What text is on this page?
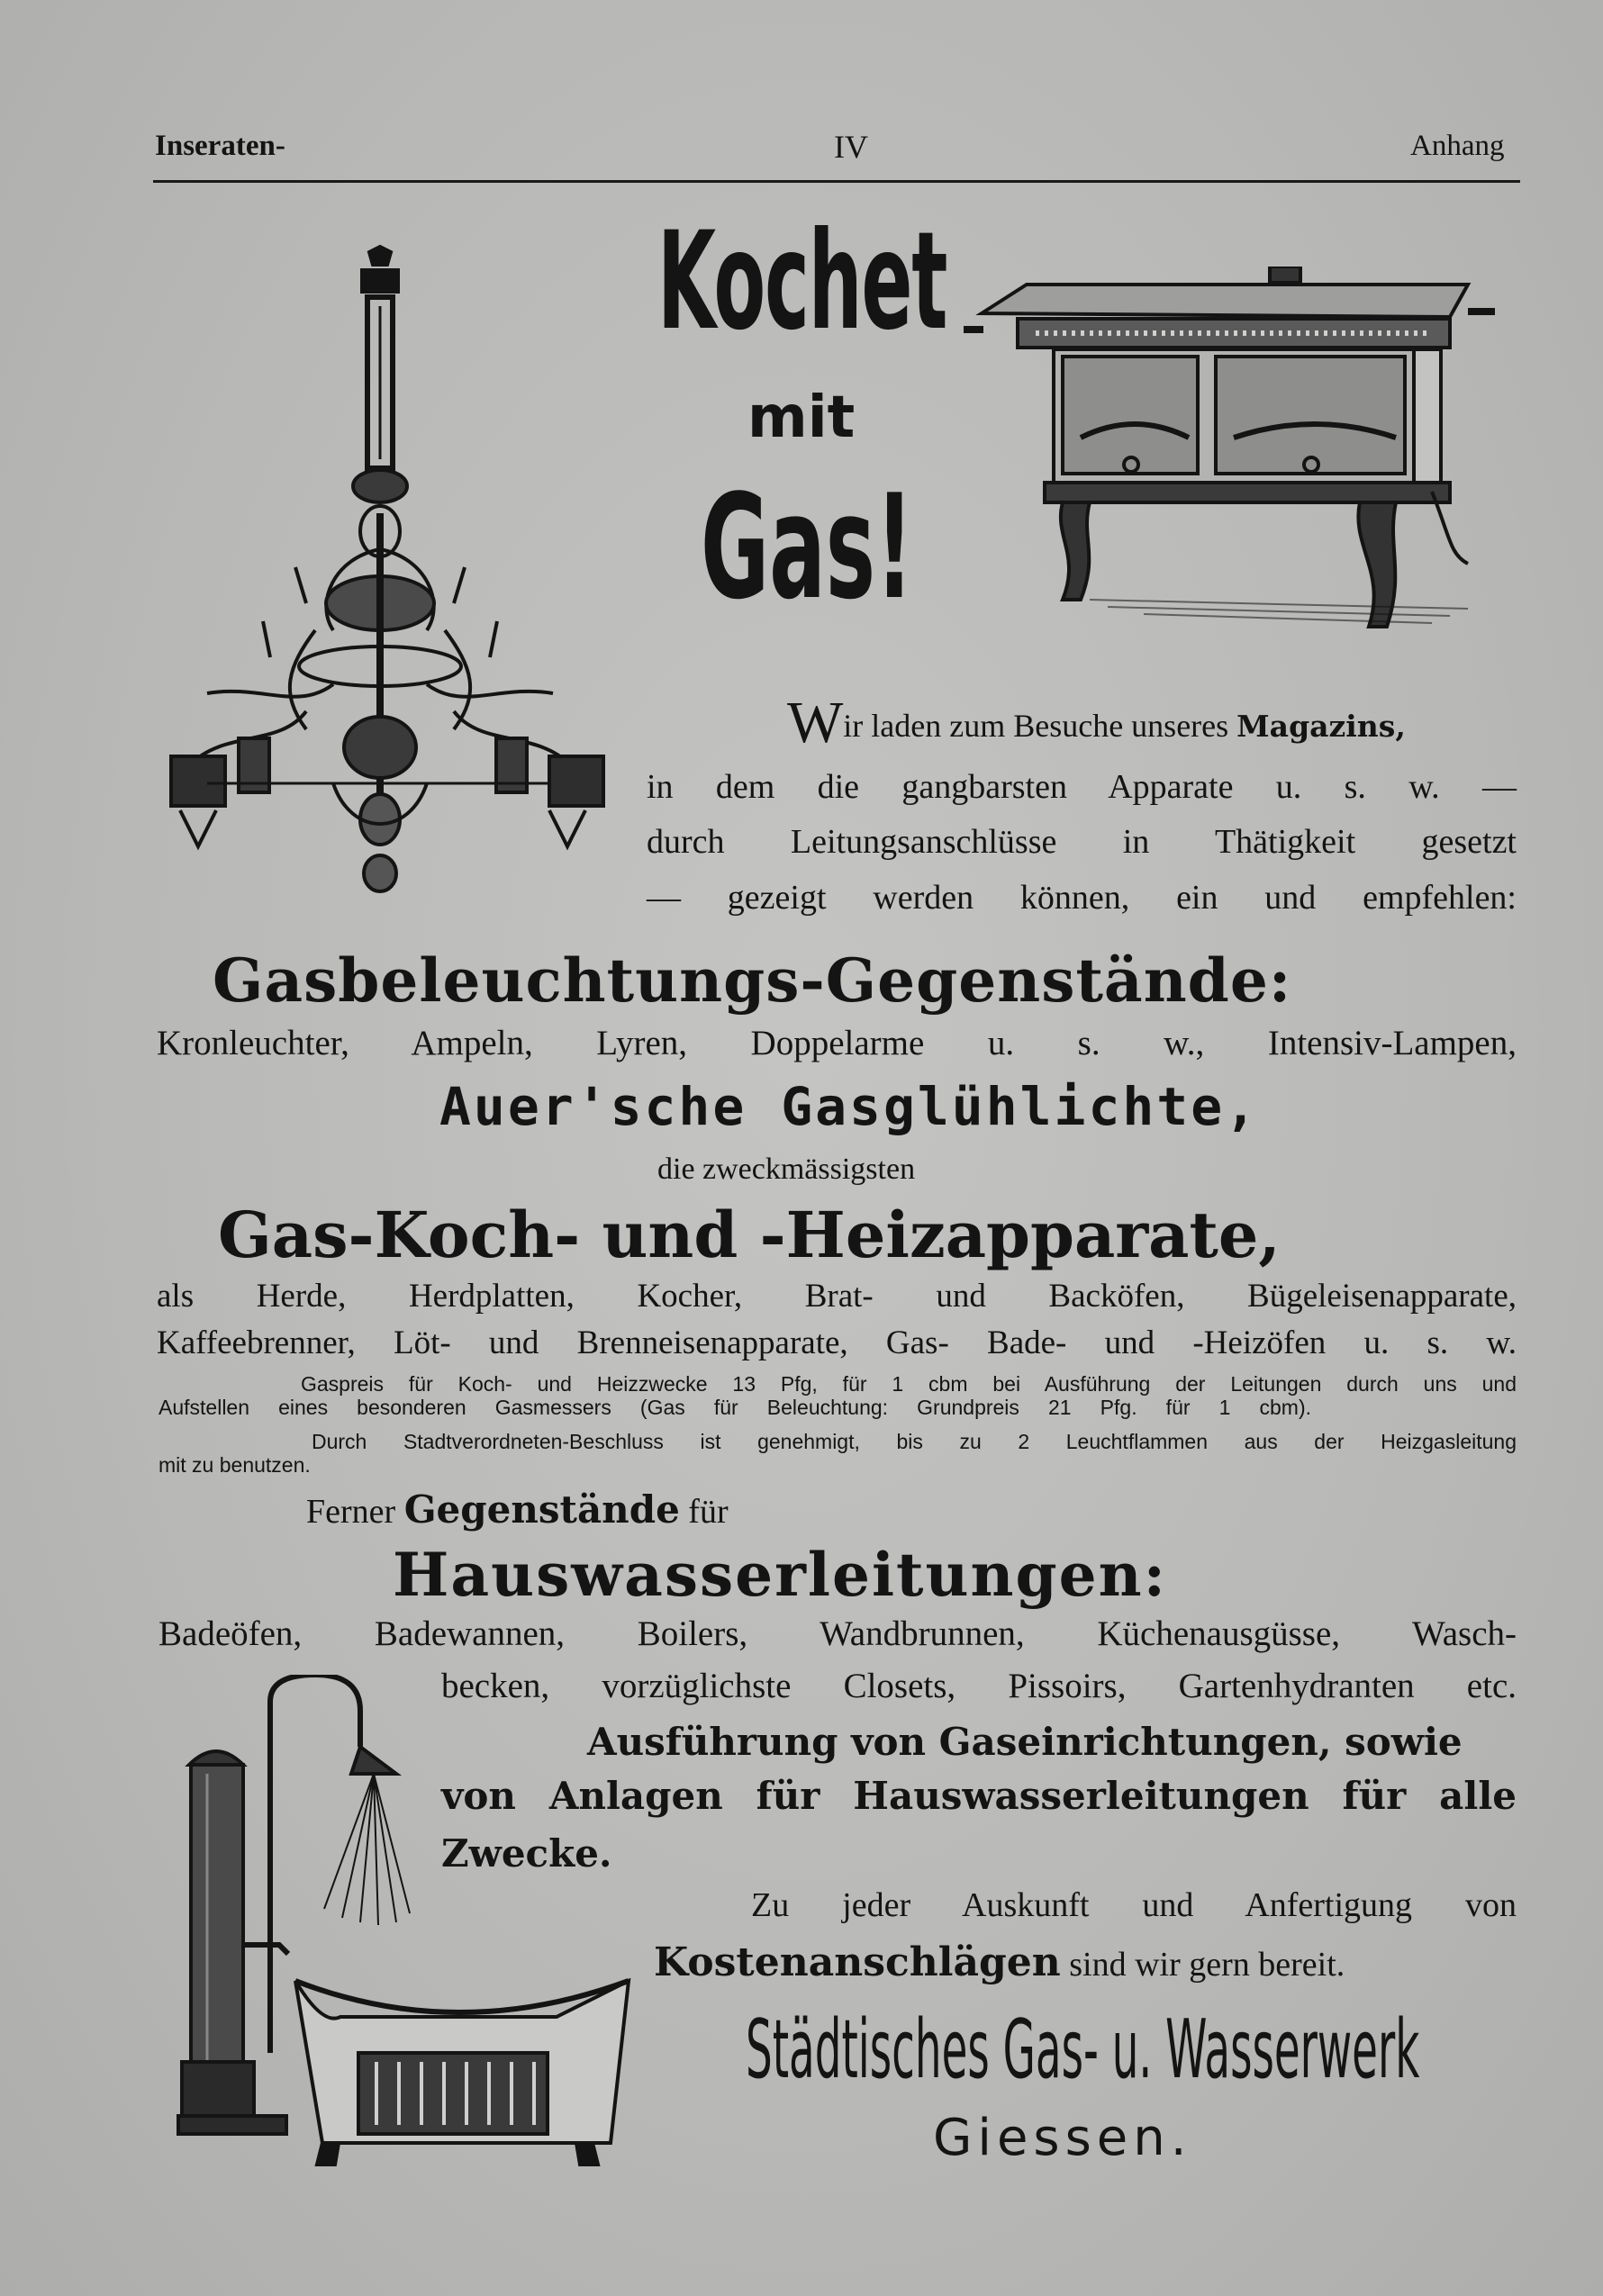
Inseraten-	IV	Anhang
Kochet
mit
Gas!
Wir laden zum Besuche unseres Magazins,
in dem die gangbarsten Apparate u. s. w. —
durch Leitungsanschlüsse in Thätigkeit gesetzt
— gezeigt werden können, ein und empfehlen:
Gasbeleuchtungs-Gegenstände:
Kronleuchter, Ampeln, Lyren, Doppelarme u. s. w., Intensiv-Lampen,
Auer'sche Gasglühlichte,
die zweckmässigsten
Gas-Koch- und -Heizapparate,
als Herde, Herdplatten, Kocher, Brat- und Backöfen, Bügeleisenapparate,
Kaffeebrenner, Löt- und Brenneisenapparate, Gas- Bade- und -Heizöfen u. s. w.
Gaspreis für Koch- und Heizzwecke 13 Pfg, für 1 cbm bei Ausführung der Leitungen durch uns und
Aufstellen eines besonderen Gasmessers (Gas für Beleuchtung: Grundpreis 21 Pfg. für 1 cbm).
Durch Stadtverordneten-Beschluss ist genehmigt, bis zu 2 Leuchtflammen aus der Heizgasleitung
mit zu benutzen.
Ferner Gegenstände für
Hauswasserleitungen:
Badeöfen, Badewannen, Boilers, Wandbrunnen, Küchenausgüsse, Wasch-
becken, vorzüglichste Closets, Pissoirs, Gartenhydranten etc.
Ausführung von Gaseinrichtungen, sowie
von Anlagen für Hauswasserleitungen für alle
Zwecke.
Zu jeder Auskunft und Anfertigung von
Kostenanschlägen sind wir gern bereit.
Städtisches Gas- u. Wasserwerk
Giessen.
